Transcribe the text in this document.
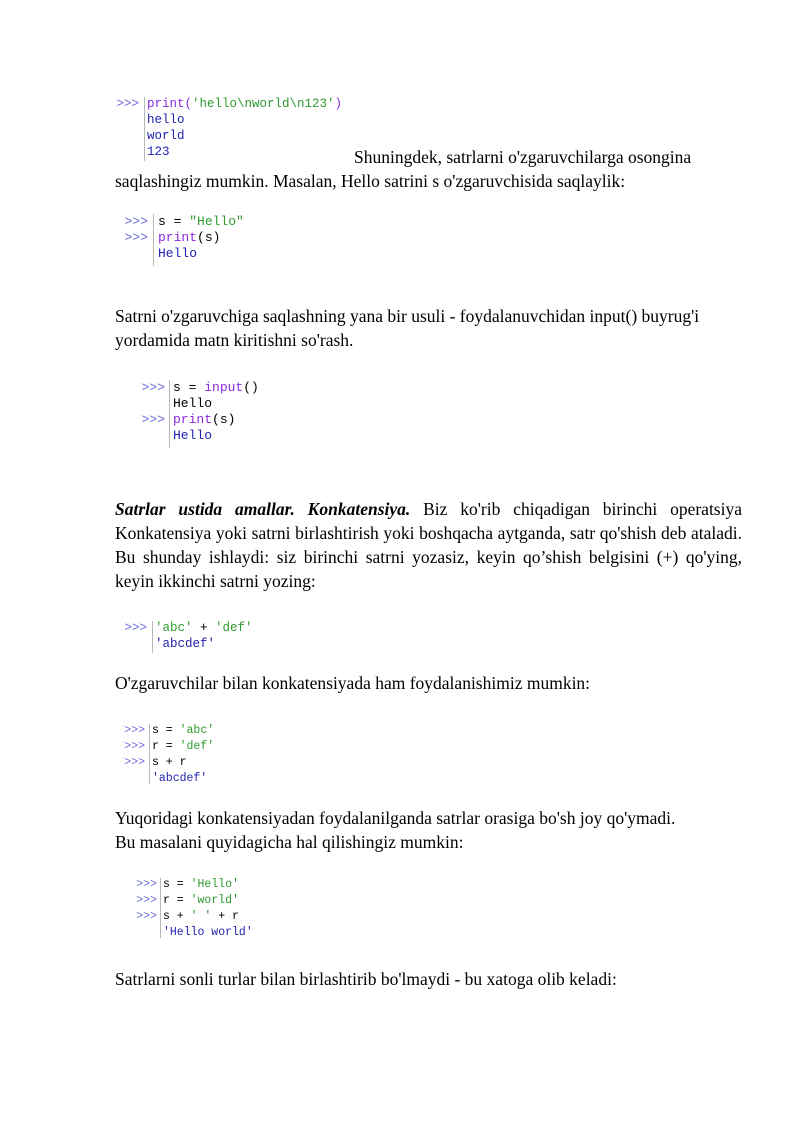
>>>

print('hello\nworld\n123')
hello
world
123	Shuningdek, satrlarni o'zgaruvchilarga osongina
saqlashingiz mumkin. Masalan, Hello satrini s o'zgaruvchisida saqlaylik:

>>>
>>>

s = "Hello"
print(s)
Hello

Satrni o'zgaruvchiga saqlashning yana bir usuli - foydalanuvchidan input() buyrug'i yordamida matn kiritishni so'rash.

>>>

>>>

s = input()
Hello
print(s)
Hello

Satrlar ustida amallar. Konkatensiya. Biz ko'rib chiqadigan birinchi operatsiya Konkatensiya yoki satrni birlashtirish yoki boshqacha aytganda, satr qo'shish deb ataladi. Bu shunday ishlaydi: siz birinchi satrni yozasiz, keyin qo’shish belgisini (+) qo'ying, keyin ikkinchi satrni yozing:

>>>

'abc' + 'def'
'abcdef'

O'zgaruvchilar bilan konkatensiyada ham foydalanishimiz mumkin:

>>>
>>>
>>>

s = 'abc'
r = 'def'
s + r
'abcdef'

Yuqoridagi konkatensiyadan foydalanilganda satrlar orasiga bo'sh joy qo'ymadi.
Bu masalani quyidagicha hal qilishingiz mumkin:

>>>
>>>
>>>

s = 'Hello'
r = 'world'
s + ' ' + r
'Hello world'

Satrlarni sonli turlar bilan birlashtirib bo'lmaydi - bu xatoga olib keladi:
